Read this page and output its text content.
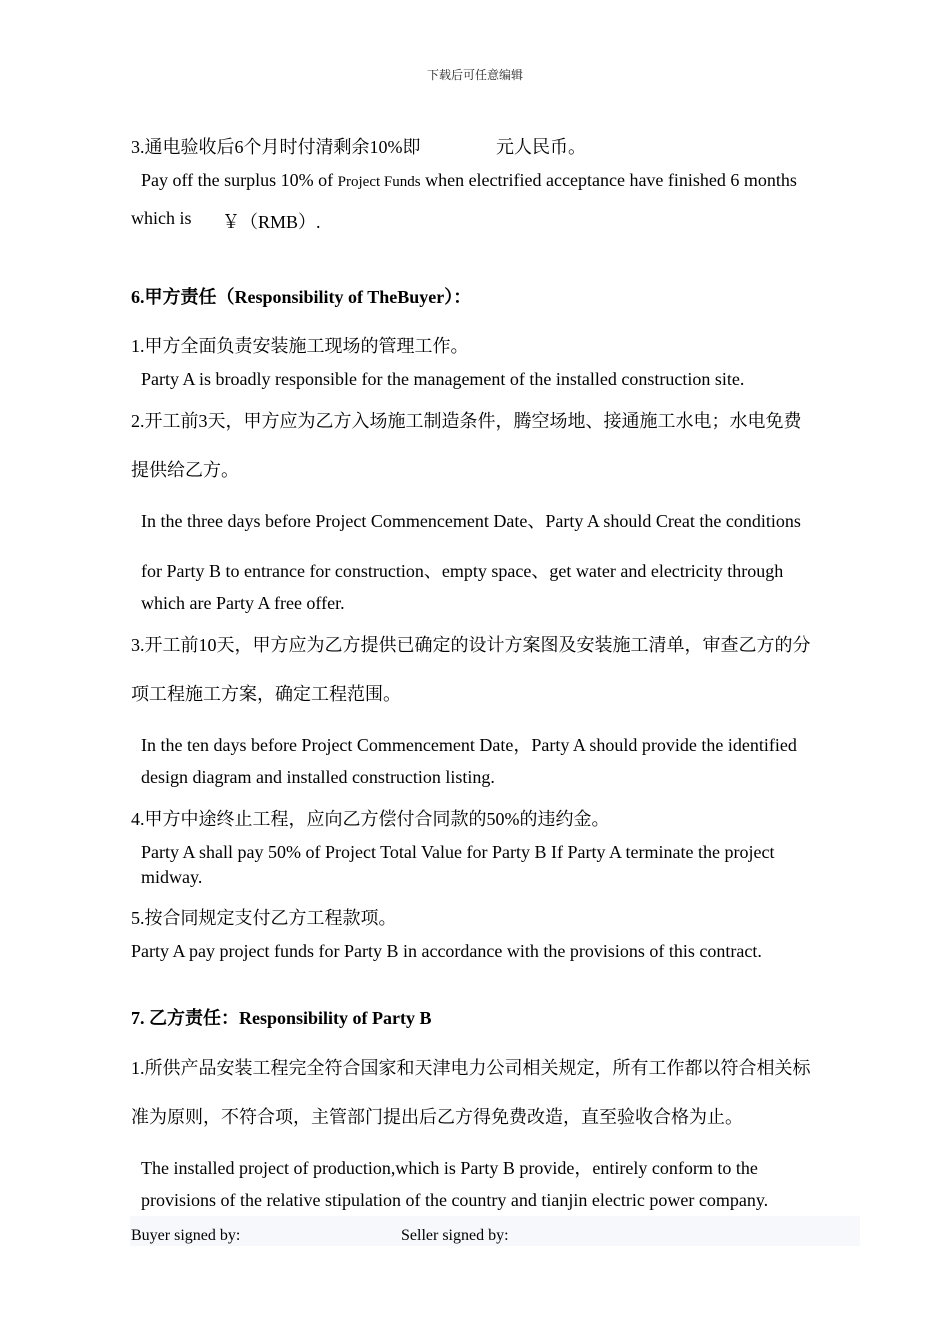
下载后可任意编辑
3.通电验收后6个月时付清剩余10%即	元人民币。
Pay off the surplus 10% of Project Funds when electrified acceptance have finished 6 months
which is ￥（RMB）.
6.甲方责任（Responsibility of TheBuyer）：
1.甲方全面负责安装施工现场的管理工作。
Party A is broadly responsible for the management of the installed construction site.
2.开工前3天，甲方应为乙方入场施工制造条件，腾空场地、接通施工水电；水电免费
提供给乙方。
In the three days before Project Commencement Date、Party A should Creat the conditions
for Party B to entrance for construction、empty space、get water and electricity through
which are Party A free offer.
3.开工前10天，甲方应为乙方提供已确定的设计方案图及安装施工清单，审查乙方的分
项工程施工方案，确定工程范围。
In the ten days before Project Commencement Date，Party A should provide the identified
design diagram and installed construction listing.
4.甲方中途终止工程，应向乙方偿付合同款的50%的违约金。
Party A shall pay 50% of Project Total Value for Party B If Party A terminate the project
midway.
5.按合同规定支付乙方工程款项。
Party A pay project funds for Party B in accordance with the provisions of this contract.
7. 乙方责任：Responsibility of Party B
1.所供产品安装工程完全符合国家和天津电力公司相关规定，所有工作都以符合相关标
准为原则，不符合项，主管部门提出后乙方得免费改造，直至验收合格为止。
The installed project of production,which is Party B provide，entirely conform to the
provisions of the relative stipulation of the country and tianjin electric power company.
Buyer signed by:	Seller signed by:
